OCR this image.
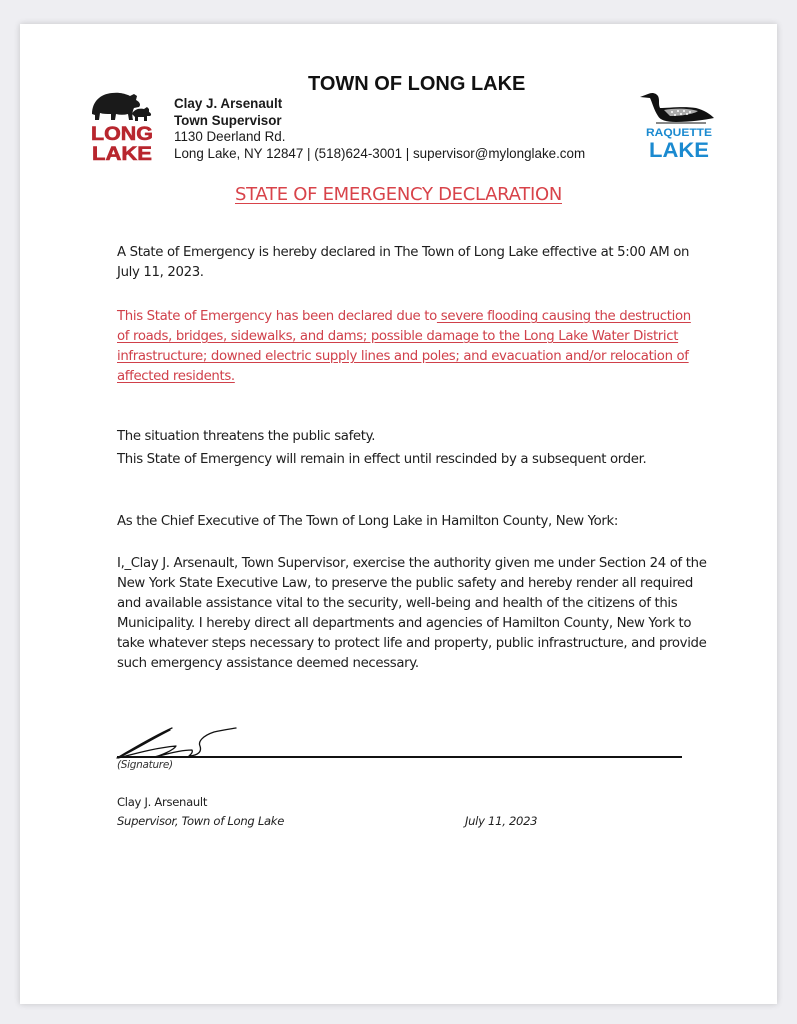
LONG
LAKE
TOWN OF LONG LAKE
Clay J. Arsenault
Town Supervisor
1130 Deerland Rd.
Long Lake, NY 12847 | (518)624-3001 | supervisor@mylonglake.com
RAQUETTE
LAKE
STATE OF EMERGENCY DECLARATION
A State of Emergency is hereby declared in The Town of Long Lake effective at 5:00 AM on July 11, 2023.
This State of Emergency has been declared due to severe flooding causing the destruction of roads, bridges, sidewalks, and dams; possible damage to the Long Lake Water District infrastructure; downed electric supply lines and poles; and evacuation and/or relocation of affected residents.
The situation threatens the public safety.
This State of Emergency will remain in effect until rescinded by a subsequent order.
As the Chief Executive of The Town of Long Lake in Hamilton County, New York:
I,_Clay J. Arsenault, Town Supervisor, exercise the authority given me under Section 24 of the New York State Executive Law, to preserve the public safety and hereby render all required and available assistance vital to the security, well-being and health of the citizens of this Municipality. I hereby direct all departments and agencies of Hamilton County, New York to take whatever steps necessary to protect life and property, public infrastructure, and provide such emergency assistance deemed necessary.
(Signature)
Clay J. Arsenault
Supervisor, Town of Long Lake	July 11, 2023
